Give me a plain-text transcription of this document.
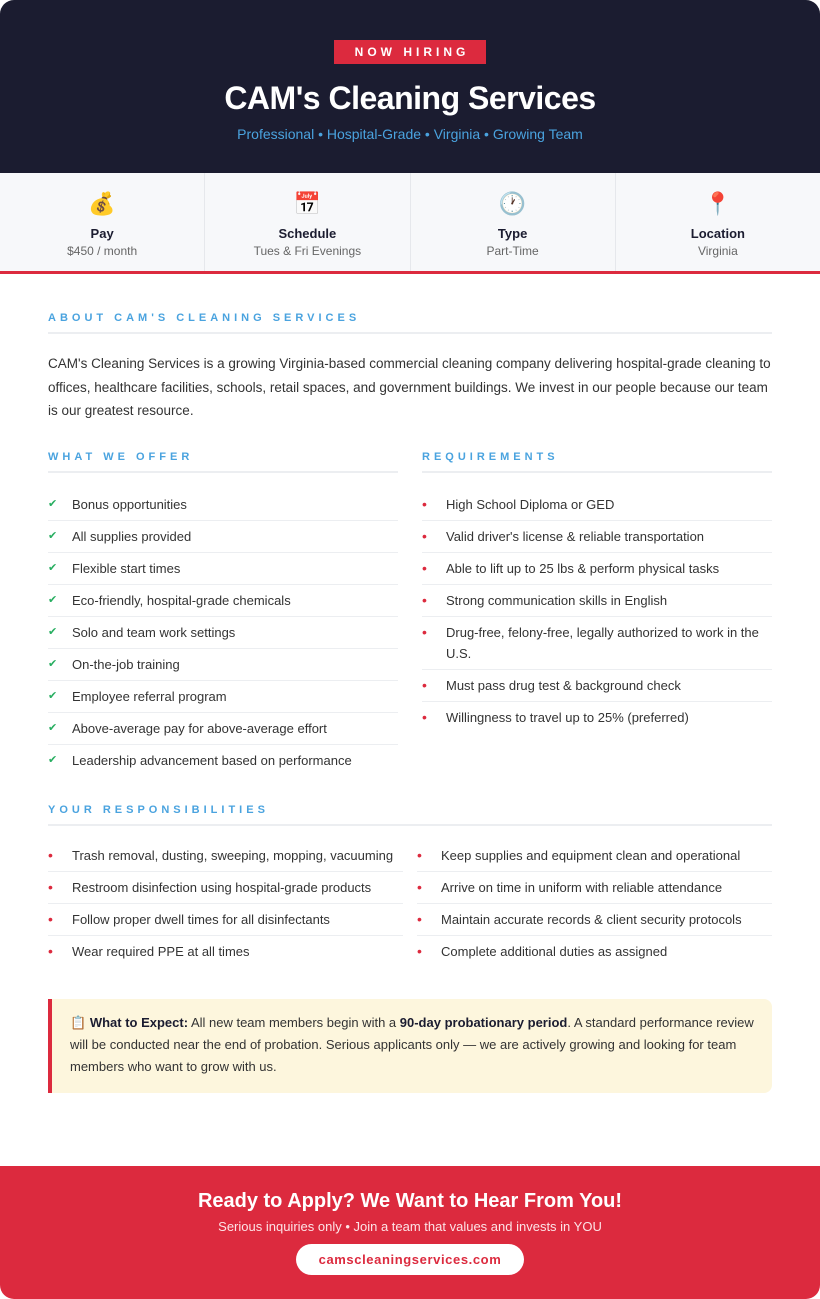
NOW HIRING
CAM's Cleaning Services
Professional • Hospital-Grade • Virginia • Growing Team
💰
Pay
$450 / month
📅
Schedule
Tues & Fri Evenings
🕐
Type
Part-Time
📍
Location
Virginia
ABOUT CAM'S CLEANING SERVICES

CAM's Cleaning Services is a growing Virginia-based commercial cleaning company delivering hospital-grade cleaning to offices, healthcare facilities, schools, retail spaces, and government buildings. We invest in our people because our team is our greatest resource.

WHAT WE OFFER
✔	Bonus opportunities
✔	All supplies provided
✔	Flexible start times
✔	Eco-friendly, hospital-grade chemicals
✔	Solo and team work settings
✔	On-the-job training
✔	Employee referral program
✔	Above-average pay for above-average effort
✔	Leadership advancement based on performance
REQUIREMENTS
•	High School Diploma or GED
•	Valid driver's license & reliable transportation
•	Able to lift up to 25 lbs & perform physical tasks
•	Strong communication skills in English
•	Drug-free, felony-free, legally authorized to work in the U.S.
•	Must pass drug test & background check
•	Willingness to travel up to 25% (preferred)
YOUR RESPONSIBILITIES
•	Trash removal, dusting, sweeping, mopping, vacuuming
•	Restroom disinfection using hospital-grade products
•	Follow proper dwell times for all disinfectants
•	Wear required PPE at all times
•	Keep supplies and equipment clean and operational
•	Arrive on time in uniform with reliable attendance
•	Maintain accurate records & client security protocols
•	Complete additional duties as assigned
📋 What to Expect: All new team members begin with a 90-day probationary period. A standard performance review will be conducted near the end of probation. Serious applicants only — we are actively growing and looking for team members who want to grow with us.
Ready to Apply? We Want to Hear From You!
Serious inquiries only • Join a team that values and invests in YOU
camscleaningservices.com
